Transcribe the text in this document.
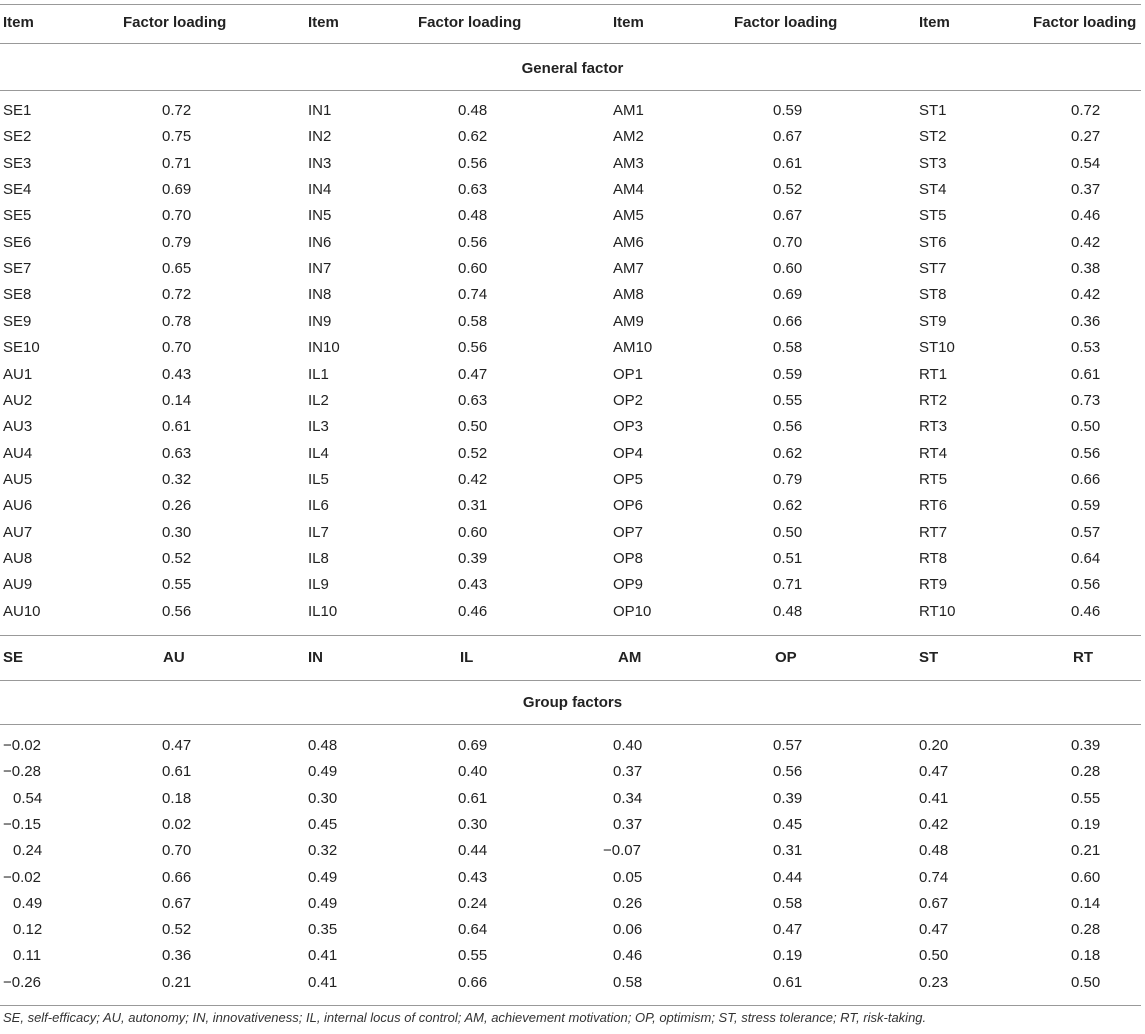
Item	Factor loading	Item	Factor loading	Item	Factor loading	Item	Factor loading
General factor
SE1	0.72	IN1	0.48	AM1	0.59	ST1	0.72
SE2	0.75	IN2	0.62	AM2	0.67	ST2	0.27
SE3	0.71	IN3	0.56	AM3	0.61	ST3	0.54
SE4	0.69	IN4	0.63	AM4	0.52	ST4	0.37
SE5	0.70	IN5	0.48	AM5	0.67	ST5	0.46
SE6	0.79	IN6	0.56	AM6	0.70	ST6	0.42
SE7	0.65	IN7	0.60	AM7	0.60	ST7	0.38
SE8	0.72	IN8	0.74	AM8	0.69	ST8	0.42
SE9	0.78	IN9	0.58	AM9	0.66	ST9	0.36
SE10	0.70	IN10	0.56	AM10	0.58	ST10	0.53
AU1	0.43	IL1	0.47	OP1	0.59	RT1	0.61
AU2	0.14	IL2	0.63	OP2	0.55	RT2	0.73
AU3	0.61	IL3	0.50	OP3	0.56	RT3	0.50
AU4	0.63	IL4	0.52	OP4	0.62	RT4	0.56
AU5	0.32	IL5	0.42	OP5	0.79	RT5	0.66
AU6	0.26	IL6	0.31	OP6	0.62	RT6	0.59
AU7	0.30	IL7	0.60	OP7	0.50	RT7	0.57
AU8	0.52	IL8	0.39	OP8	0.51	RT8	0.64
AU9	0.55	IL9	0.43	OP9	0.71	RT9	0.56
AU10	0.56	IL10	0.46	OP10	0.48	RT10	0.46
SE	AU	IN	IL	AM	OP	ST	RT
Group factors
−0.02	0.47	0.48	0.69	0.40	0.57	0.20	0.39
−0.28	0.61	0.49	0.40	0.37	0.56	0.47	0.28
0.54	0.18	0.30	0.61	0.34	0.39	0.41	0.55
−0.15	0.02	0.45	0.30	0.37	0.45	0.42	0.19
0.24	0.70	0.32	0.44	−0.07	0.31	0.48	0.21
−0.02	0.66	0.49	0.43	0.05	0.44	0.74	0.60
0.49	0.67	0.49	0.24	0.26	0.58	0.67	0.14
0.12	0.52	0.35	0.64	0.06	0.47	0.47	0.28
0.11	0.36	0.41	0.55	0.46	0.19	0.50	0.18
−0.26	0.21	0.41	0.66	0.58	0.61	0.23	0.50
SE, self-efficacy; AU, autonomy; IN, innovativeness; IL, internal locus of control; AM, achievement motivation; OP, optimism; ST, stress tolerance; RT, risk-taking.
